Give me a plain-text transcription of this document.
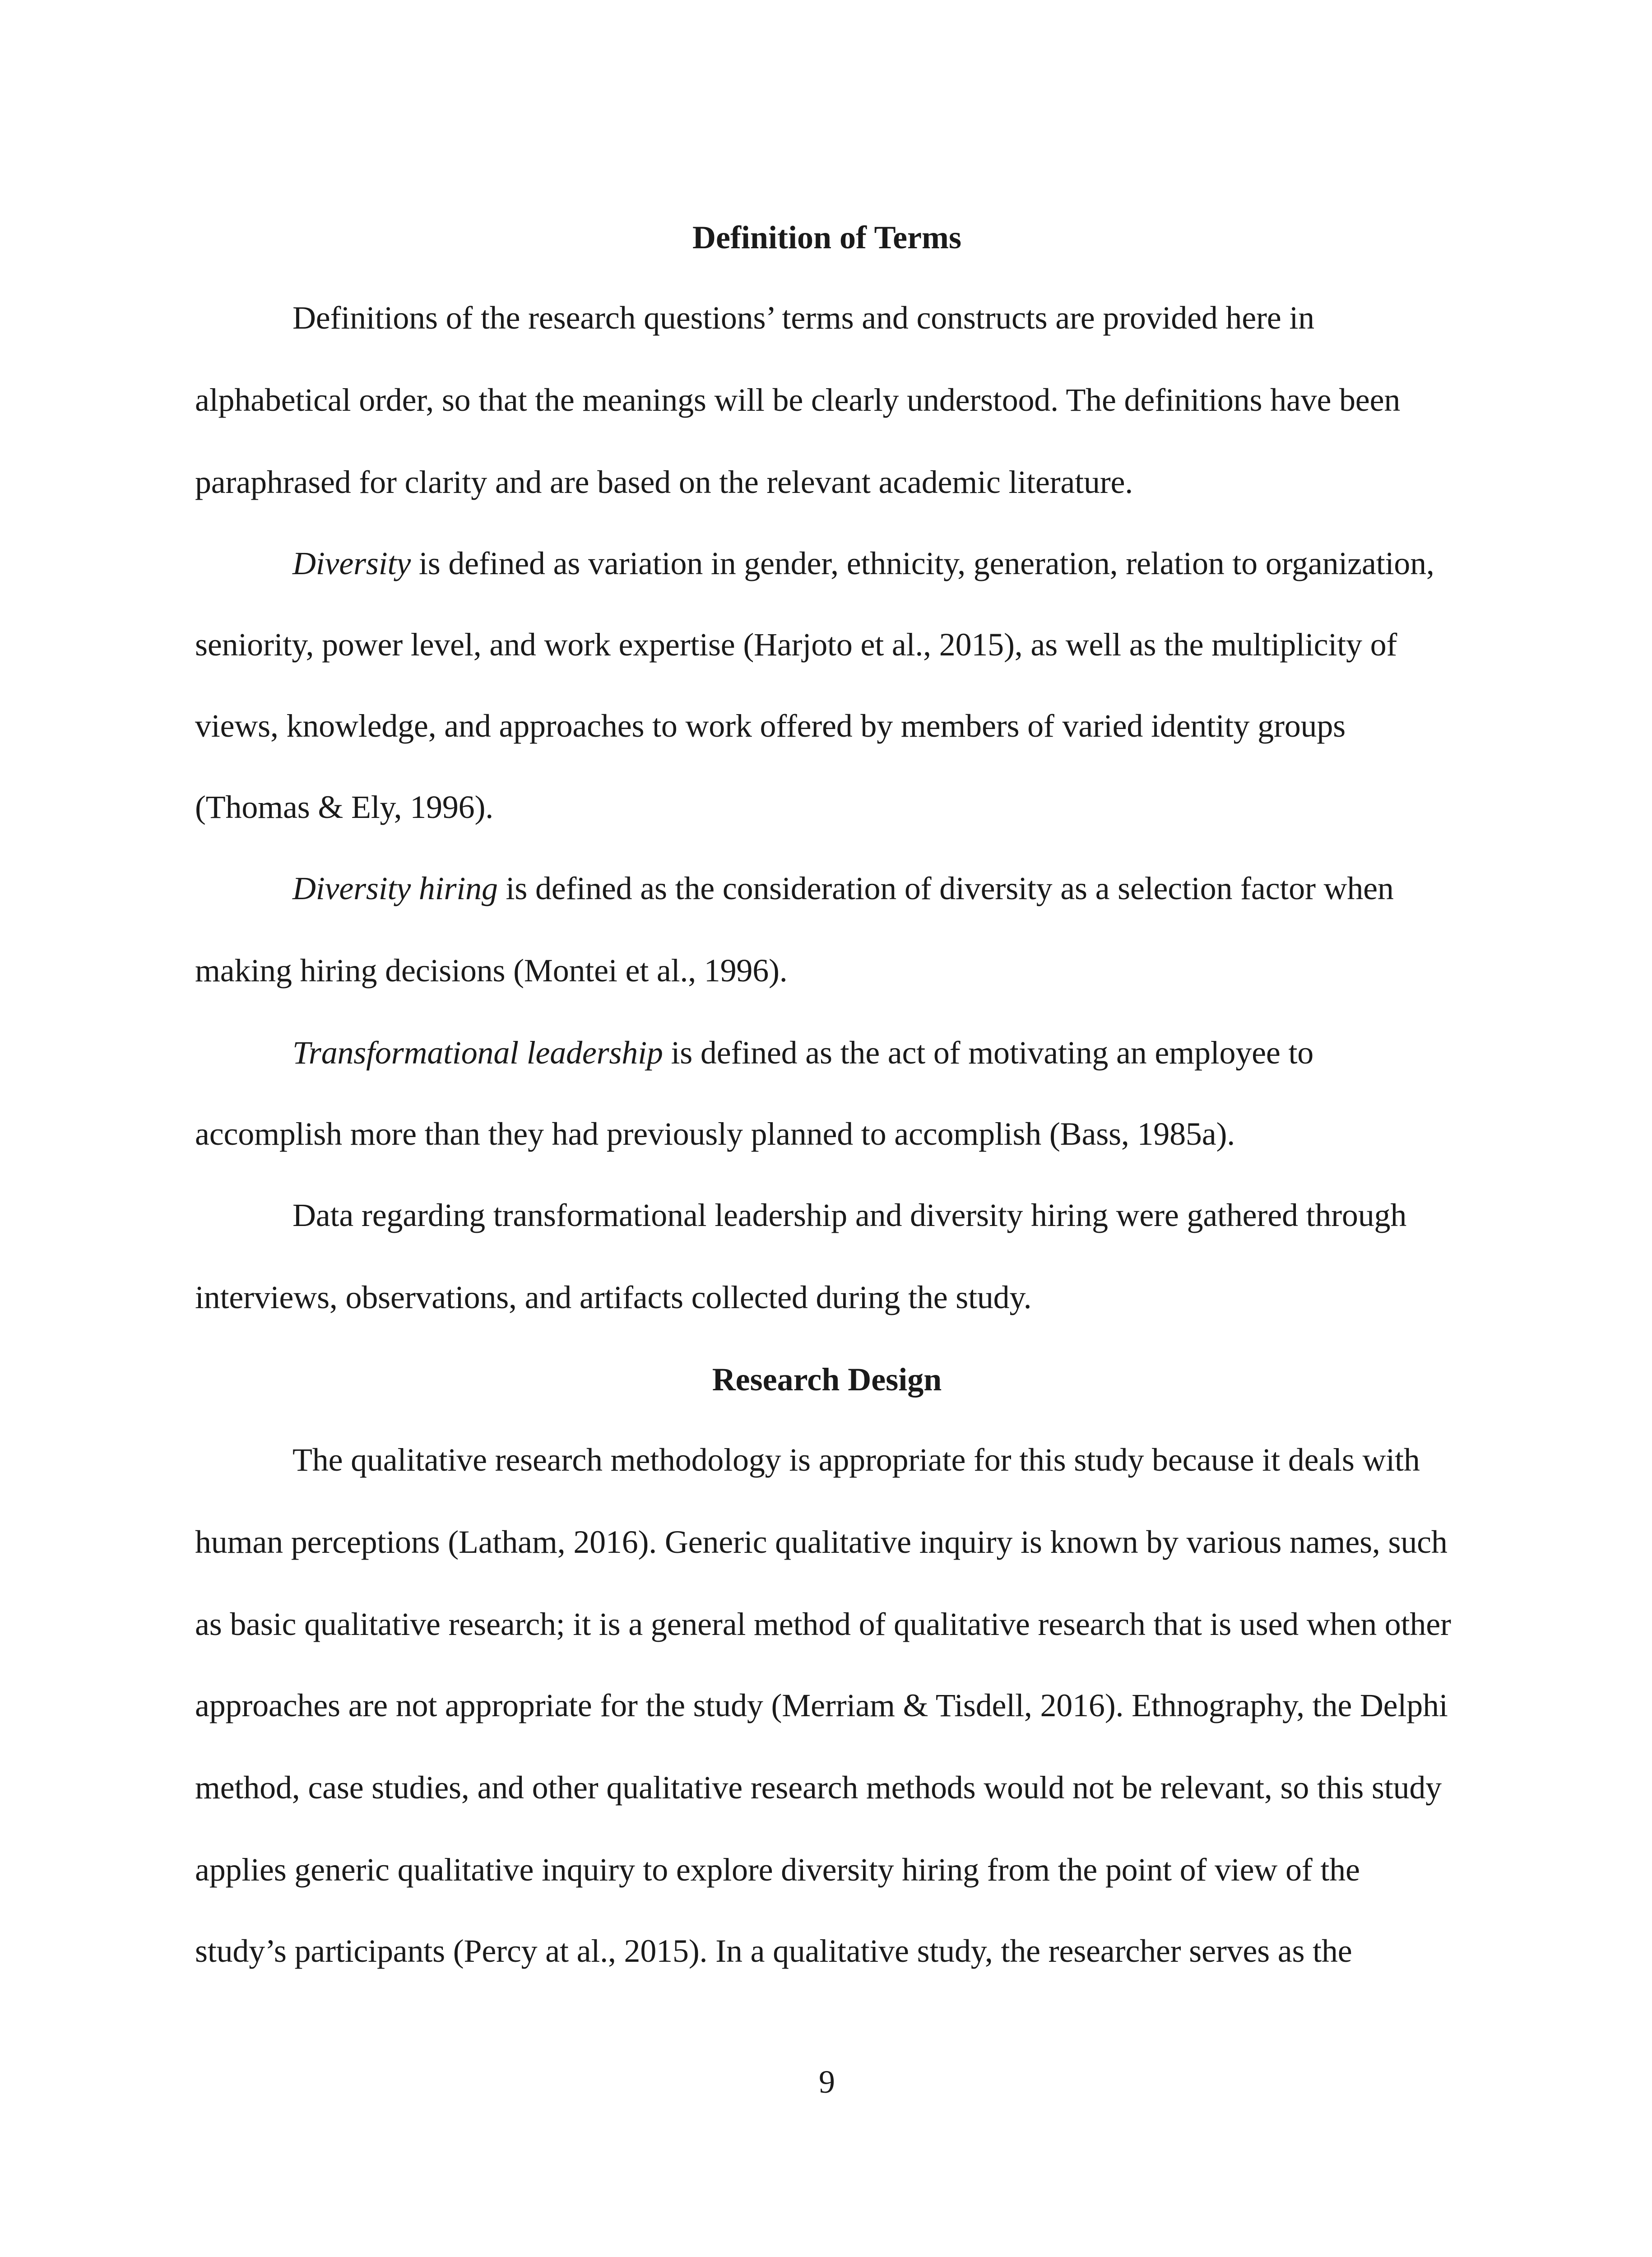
Definition of Terms
Definitions of the research questions’ terms and constructs are provided here in
alphabetical order, so that the meanings will be clearly understood. The definitions have been
paraphrased for clarity and are based on the relevant academic literature.
Diversity is defined as variation in gender, ethnicity, generation, relation to organization,
seniority, power level, and work expertise (Harjoto et al., 2015), as well as the multiplicity of
views, knowledge, and approaches to work offered by members of varied identity groups
(Thomas & Ely, 1996).
Diversity hiring is defined as the consideration of diversity as a selection factor when
making hiring decisions (Montei et al., 1996).
Transformational leadership is defined as the act of motivating an employee to
accomplish more than they had previously planned to accomplish (Bass, 1985a).
Data regarding transformational leadership and diversity hiring were gathered through
interviews, observations, and artifacts collected during the study.
Research Design
The qualitative research methodology is appropriate for this study because it deals with
human perceptions (Latham, 2016). Generic qualitative inquiry is known by various names, such
as basic qualitative research; it is a general method of qualitative research that is used when other
approaches are not appropriate for the study (Merriam & Tisdell, 2016). Ethnography, the Delphi
method, case studies, and other qualitative research methods would not be relevant, so this study
applies generic qualitative inquiry to explore diversity hiring from the point of view of the
study’s participants (Percy at al., 2015). In a qualitative study, the researcher serves as the
9
